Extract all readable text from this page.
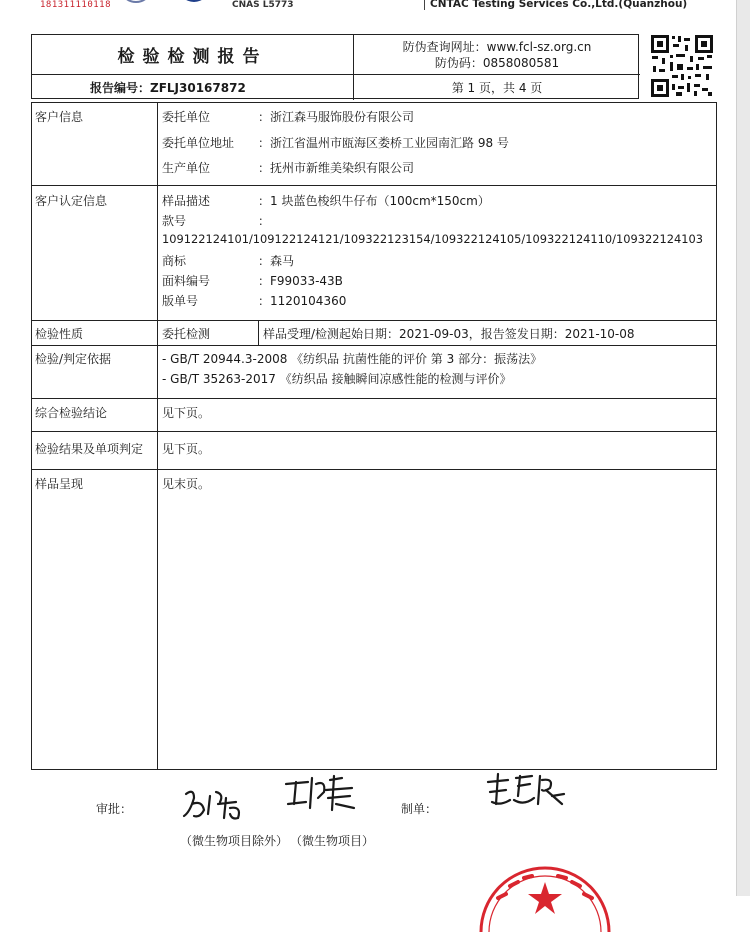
181311110118	CNAS L5773	CNTAC Testing Services Co.,Ltd.(Quanzhou)
检验检测报告	防伪查询网址：www.fcl-sz.org.cn
防伪码：0858080581
报告编号：ZFLJ30167872	第 1 页，共 4 页
客户信息	委托单位	：浙江森马服饰股份有限公司
委托单位地址 ：浙江省温州市瓯海区娄桥工业园南汇路 98 号
生产单位	：抚州市新维美染织有限公司
客户认定信息	样品描述	：1 块蓝色梭织牛仔布（100cm*150cm）
款号	：
109122124101/109122124121/109322123154/109322124105/109322124110/109322124103
商标	：森马
面料编号	：F99033-43B
版单号	：1120104360
检验性质	委托检测	样品受理/检测起始日期：2021-09-03，报告签发日期：2021-10-08
检验/判定依据	- GB/T 20944.3-2008 《纺织品 抗菌性能的评价 第 3 部分：振荡法》
- GB/T 35263-2017 《纺织品 接触瞬间凉感性能的检测与评价》
综合检验结论	见下页。
检验结果及单项判定 见下页。
样品呈现	见末页。
审批：
（微生物项目除外） （微生物项目）
制单：
